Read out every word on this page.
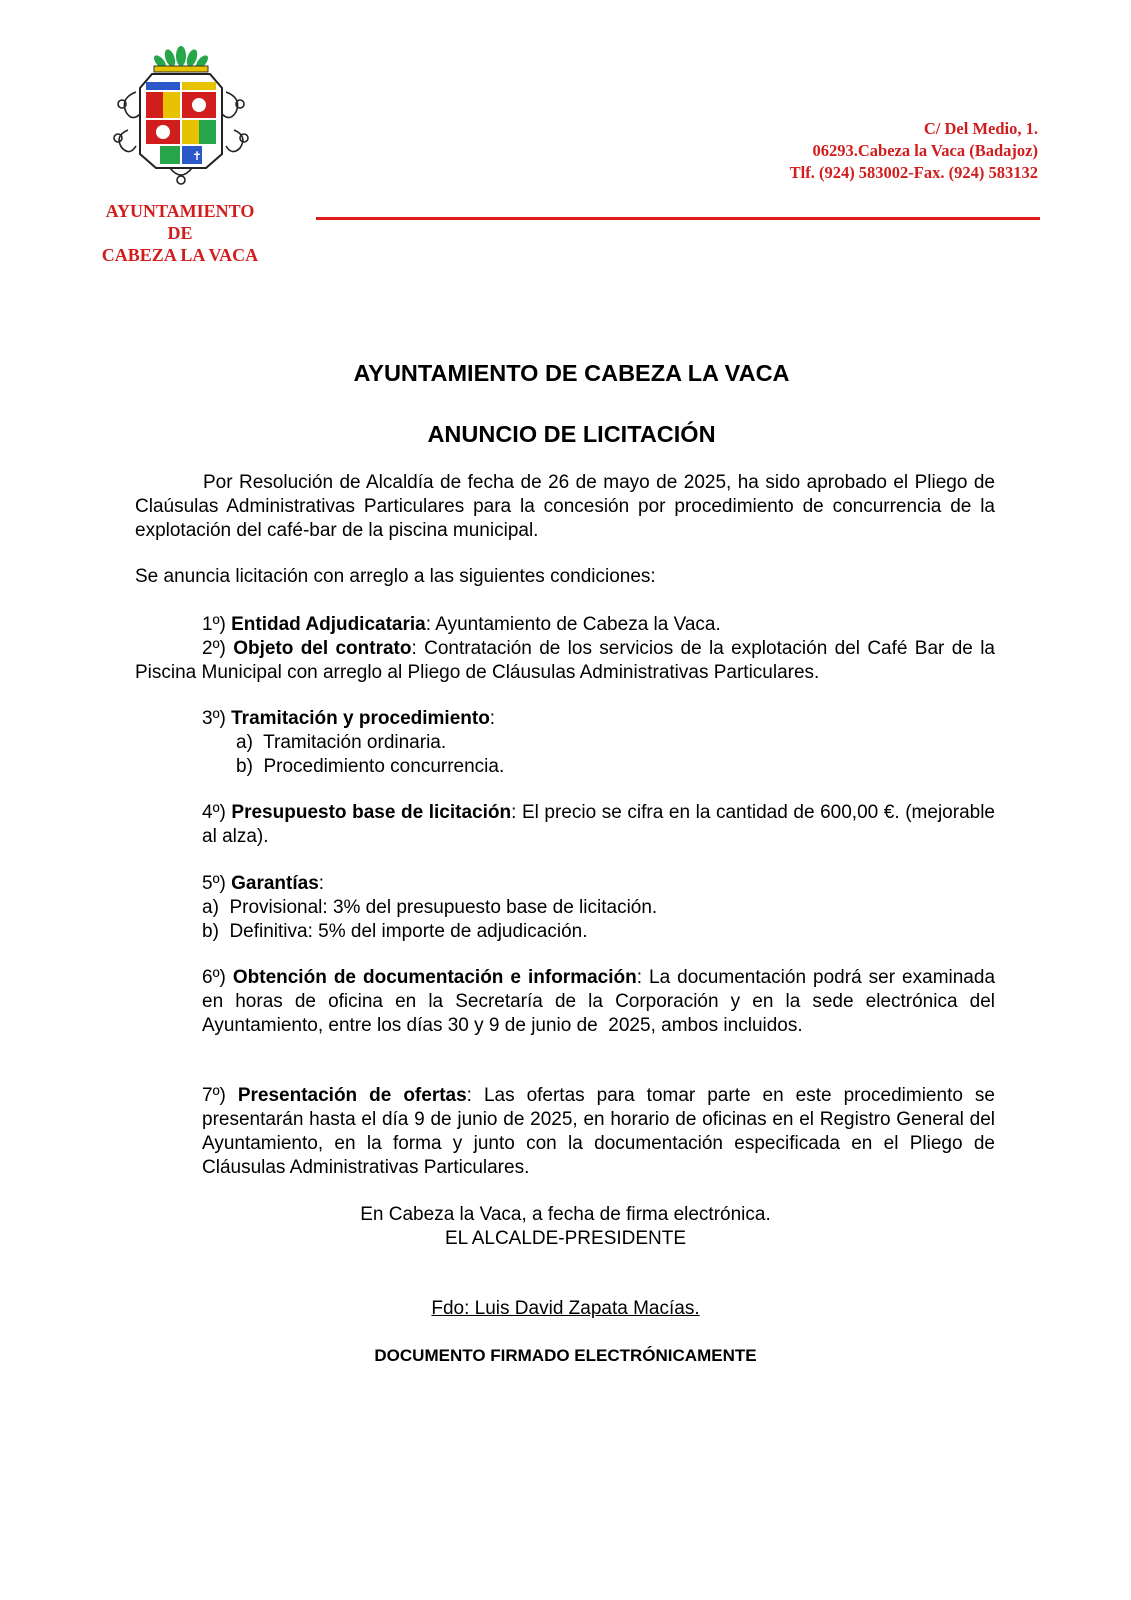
✝
AYUNTAMIENTO
DE
CABEZA LA VACA
C/ Del Medio, 1.
06293.Cabeza la Vaca (Badajoz)
Tlf. (924) 583002-Fax. (924) 583132
AYUNTAMIENTO DE CABEZA LA VACA
ANUNCIO DE LICITACIÓN
Por Resolución de Alcaldía de fecha de 26 de mayo de 2025, ha sido aprobado el Pliego de Claúsulas Administrativas Particulares para la concesión por procedimiento de concurrencia de la explotación del café-bar de la piscina municipal.
Se anuncia licitación con arreglo a las siguientes condiciones:
1º) Entidad Adjudicataria: Ayuntamiento de Cabeza la Vaca.
2º) Objeto del contrato: Contratación de los servicios de la explotación del Café Bar de la Piscina Municipal con arreglo al Pliego de Cláusulas Administrativas Particulares.
3º) Tramitación y procedimiento:
a)  Tramitación ordinaria.
b)  Procedimiento concurrencia.
4º) Presupuesto base de licitación: El precio se cifra en la cantidad de 600,00 €. (mejorable al alza).
5º) Garantías:
a)  Provisional: 3% del presupuesto base de licitación.
b)  Definitiva: 5% del importe de adjudicación.
6º) Obtención de documentación e información: La documentación podrá ser examinada en horas de oficina en la Secretaría de la Corporación y en la sede electrónica del Ayuntamiento, entre los días 30 y 9 de junio de  2025, ambos incluidos.
7º) Presentación de ofertas: Las ofertas para tomar parte en este procedimiento se presentarán hasta el día 9 de junio de 2025, en horario de oficinas en el Registro General del Ayuntamiento, en la forma y junto con la documentación especificada en el Pliego de Cláusulas Administrativas Particulares.
En Cabeza la Vaca, a fecha de firma electrónica.
EL ALCALDE-PRESIDENTE
Fdo: Luis David Zapata Macías.
DOCUMENTO FIRMADO ELECTRÓNICAMENTE
